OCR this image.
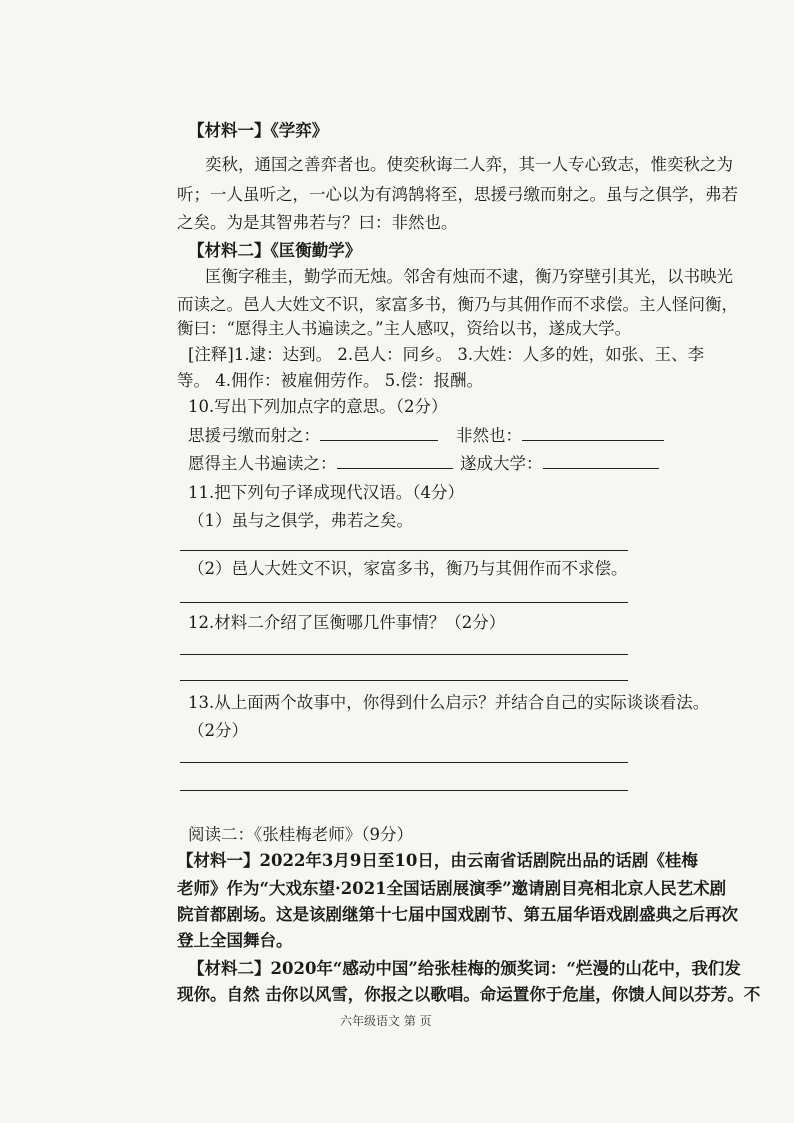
【材料一】《学弈》
奕秋，通国之善弈者也。使奕秋诲二人弈，其一人专心致志，惟奕秋之为
听；一人虽听之，一心以为有鸿鹄将至，思援弓缴而射之。虽与之俱学，弗若
之矣。为是其智弗若与？曰：非然也。
【材料二】《匡衡勤学》
匡衡字稚圭，勤学而无烛。邻舍有烛而不逮，衡乃穿壁引其光，以书映光
而读之。邑人大姓文不识，家富多书，衡乃与其佣作而不求偿。主人怪问衡，
衡曰：“愿得主人书遍读之。”主人感叹，资给以书，遂成大学。
[注释]1.逮：达到。 2.邑人：同乡。 3.大姓：人多的姓，如张、王、李
等。 4.佣作：被雇佣劳作。 5.偿：报酬。
10.写出下列加点字的意思。（2分）
思援弓缴而射之：	非然也：
愿得主人书遍读之：	遂成大学：
11.把下列句子译成现代汉语。（4分）
（1）虽与之俱学，弗若之矣。
（2）邑人大姓文不识，家富多书，衡乃与其佣作而不求偿。
12.材料二介绍了匡衡哪几件事情？（2分）
13.从上面两个故事中，你得到什么启示？并结合自己的实际谈谈看法。
（2分）
阅读二：《张桂梅老师》（9分）
【材料一】2022年3月9日至10日，由云南省话剧院出品的话剧《桂梅
老师》作为“大戏东望·2021全国话剧展演季”邀请剧目亮相北京人民艺术剧
院首都剧场。这是该剧继第十七届中国戏剧节、第五届华语戏剧盛典之后再次
登上全国舞台。
【材料二】2020年“感动中国”给张桂梅的颁奖词：“烂漫的山花中，我们发
现你。自然 击你以风雪，你报之以歌唱。命运置你于危崖，你馈人间以芬芳。不
六年级语文 第 页
